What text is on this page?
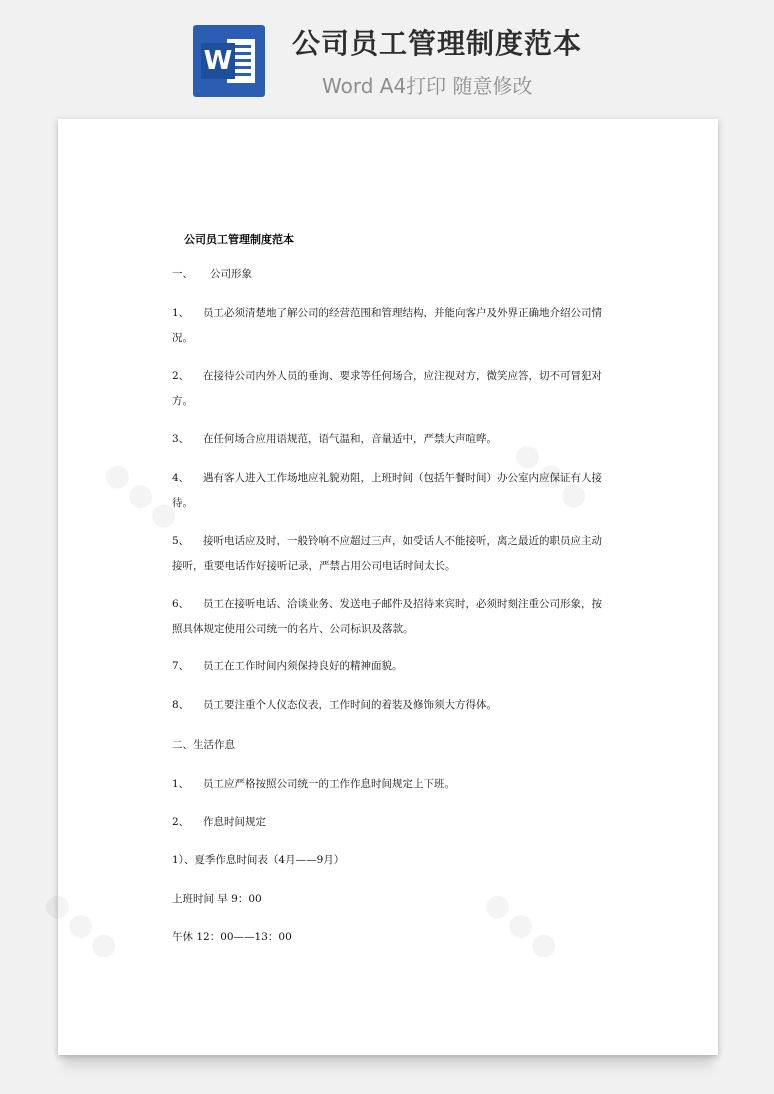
W
公司员工管理制度范本
Word A4打印 随意修改
公司员工管理制度范本
一、 公司形象
1、 员工必须清楚地了解公司的经营范围和管理结构，并能向客户及外界正确地介绍公司情况。
2、 在接待公司内外人员的垂询、要求等任何场合，应注视对方，微笑应答，切不可冒犯对方。
3、 在任何场合应用语规范，语气温和，音量适中，严禁大声喧哗。
4、 遇有客人进入工作场地应礼貌劝阻，上班时间（包括午餐时间）办公室内应保证有人接待。
5、 接听电话应及时，一般铃响不应超过三声，如受话人不能接听，离之最近的职员应主动接听，重要电话作好接听记录，严禁占用公司电话时间太长。
6、 员工在接听电话、洽谈业务、发送电子邮件及招待来宾时，必须时刻注重公司形象，按照具体规定使用公司统一的名片、公司标识及落款。
7、 员工在工作时间内须保持良好的精神面貌。
8、 员工要注重个人仪态仪表，工作时间的着装及修饰须大方得体。
二、生活作息
1、 员工应严格按照公司统一的工作作息时间规定上下班。
2、 作息时间规定
1）、夏季作息时间表（4月——9月）
上班时间 早 9：00
午休 12：00——13：00
